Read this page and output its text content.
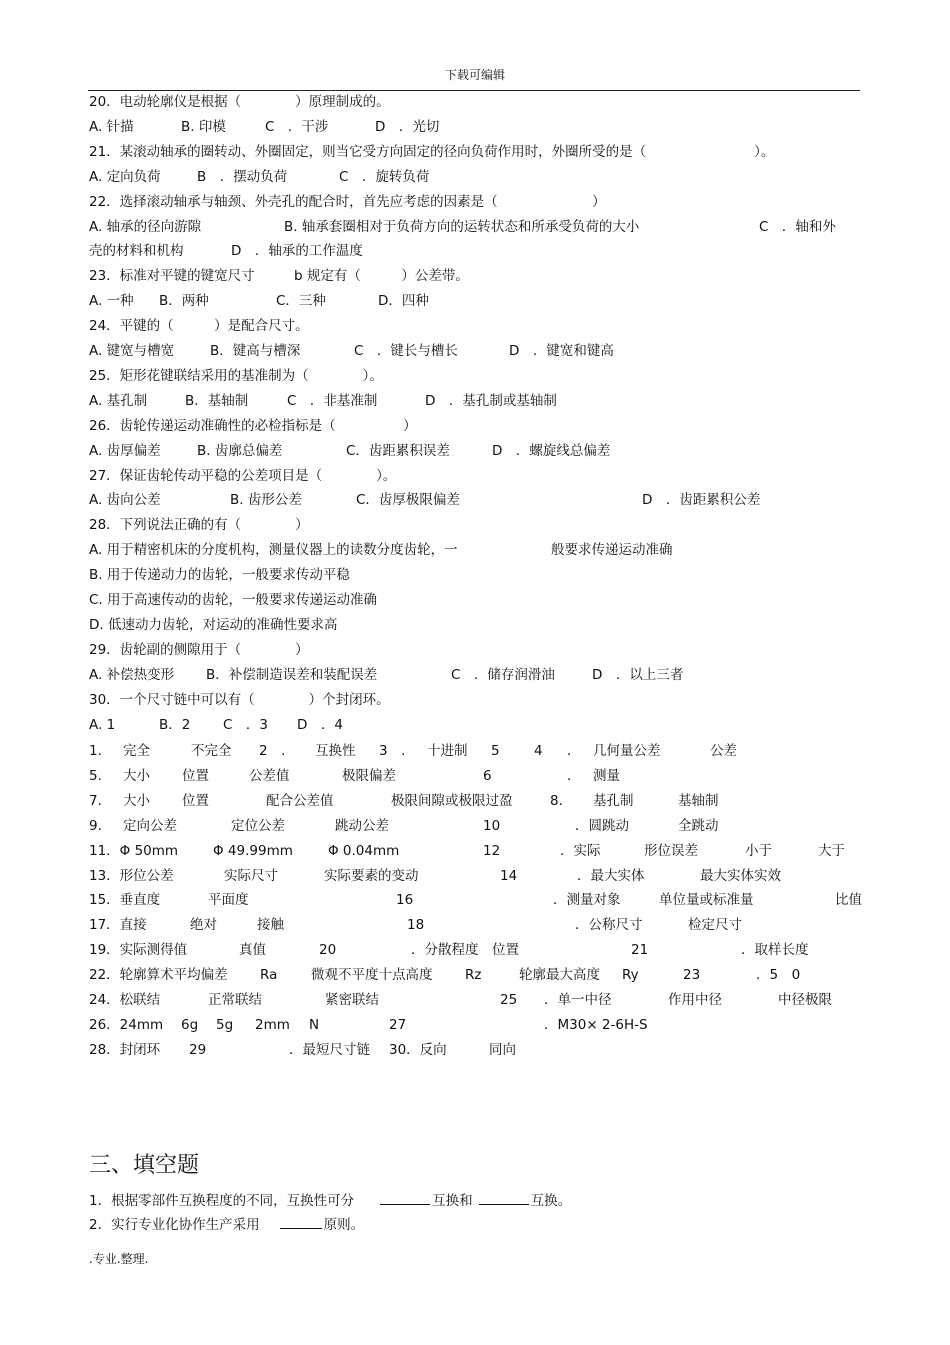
下载可编辑
20．电动轮廓仪是根据（　　　　）原理制成的。
A. 针描	B. 印模	C　．干涉	D　．光切
21．某滚动轴承的圈转动、外圈固定，则当它受方向固定的径向负荷作用时，外圈所受的是（　　　　　　　　）。
A. 定向负荷	B　．摆动负荷	C　．旋转负荷
22．选择滚动轴承与轴颈、外壳孔的配合时，首先应考虑的因素是（　　　　　　　）
A. 轴承的径向游隙	B. 轴承套圈相对于负荷方向的运转状态和所承受负荷的大小	C　．轴和外
壳的材料和机构	D　．轴承的工作温度
23．标准对平键的键宽尺寸	b 规定有（　　　）公差带。
A. 一种 B．两种	C．三种	D．四种
24．平键的（　　　）是配合尺寸。
A. 键宽与槽宽	B．键高与槽深	C　．键长与槽长	D　．键宽和键高
25．矩形花键联结采用的基准制为（　　　　）。
A. 基孔制	B．基轴制	C　．非基准制	D　．基孔制或基轴制
26．齿轮传递运动准确性的必检指标是（　　　　　）
A. 齿厚偏差	B. 齿廓总偏差	C．齿距累积误差	D　．螺旋线总偏差
27．保证齿轮传动平稳的公差项目是（　　　　）。
A. 齿向公差	B. 齿形公差	C．齿厚极限偏差	D　．齿距累积公差
28．下列说法正确的有（　　　　）
A. 用于精密机床的分度机构，测量仪器上的读数分度齿轮，一	般要求传递运动准确
B. 用于传递动力的齿轮，一般要求传动平稳
C. 用于高速传动的齿轮，一般要求传递运动准确
D. 低速动力齿轮，对运动的准确性要求高
29．齿轮副的侧隙用于（　　　　）
A. 补偿热变形 B．补偿制造误差和装配误差	C　．储存润滑油	D　．以上三者
30．一个尺寸链中可以有（　　　　）个封闭环。
A. 1	B．2 C　．3 D　．4
1. 完全	不完全 2　． 互换性 3　． 十进制 5	4 ． 几何量公差	公差
5. 大小 位置	公差值	极限偏差	6	． 测量
7. 大小 位置	配合公差值	极限间隙或极限过盈	8． 基孔制	基轴制
9. 定向公差	定位公差	跳动公差	10	．圆跳动	全跳动
11．Φ 50mm	Φ 49.99mm	Φ 0.04mm	12	．实际	形位误差	小于	大于
13．形位公差	实际尺寸	实际要素的变动	14	．最大实体	最大实体实效
15．垂直度	平面度	16	．测量对象	单位量或标准量	比值
17．直接	绝对	接触	18	．公称尺寸	检定尺寸
19．实际测得值	真值	20	．分散程度 位置	21	．取样长度
22．轮廓算术平均偏差 Ra 微观不平度十点高度 Rz	轮廓最大高度 Ry	23	．5　0
24．松联结	正常联结	紧密联结	25 ．单一中径	作用中径	中径极限
26．24mm 6g 5g 2mm N	27	．M30× 2-6H-S
28．封闭环 29	．最短尺寸链 30．反向	同向
三、填空题
1．根据零部件互换程度的不同，互换性可分	互换和	互换。
2．实行专业化协作生产采用	原则。
.专业.整理.
